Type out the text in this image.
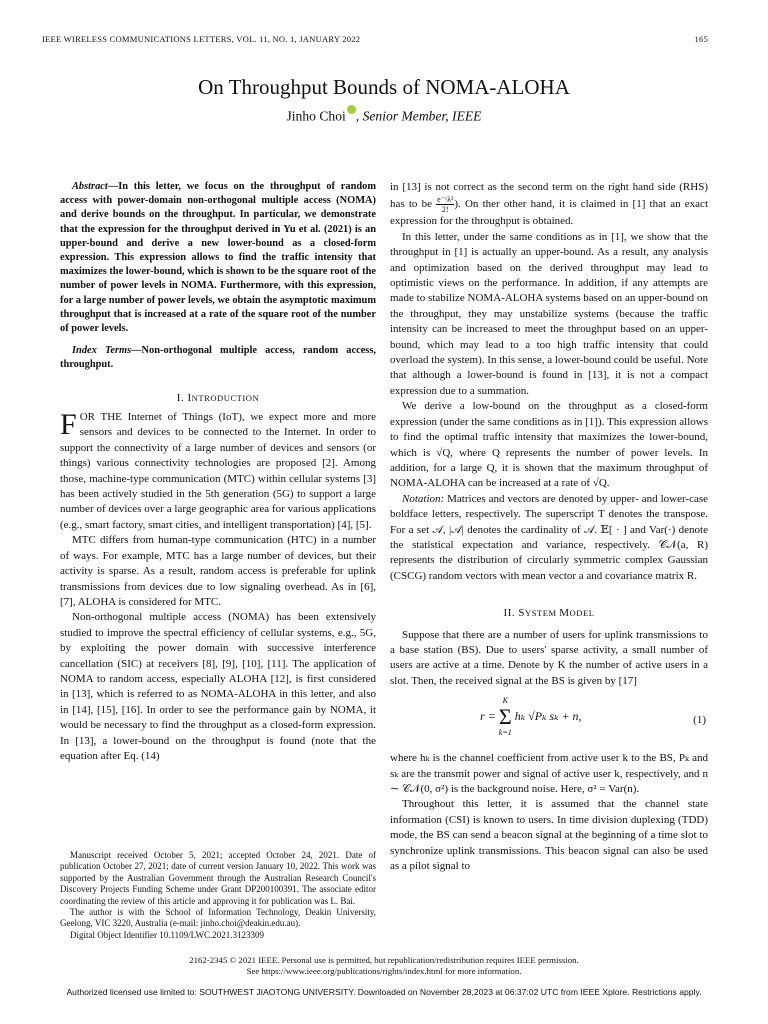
IEEE WIRELESS COMMUNICATIONS LETTERS, VOL. 11, NO. 1, JANUARY 2022	165
On Throughput Bounds of NOMA-ALOHA
Jinho Choi , Senior Member, IEEE

Abstract—In this letter, we focus on the throughput of random access with power-domain non-orthogonal multiple access (NOMA) and derive bounds on the throughput. In particular, we demonstrate that the expression for the throughput derived in Yu et al. (2021) is an upper-bound and derive a new lower-bound as a closed-form expression. This expression allows to find the traffic intensity that maximizes the lower-bound, which is shown to be the square root of the number of power levels in NOMA. Furthermore, with this expression, for a large number of power levels, we obtain the asymptotic maximum throughput that is increased at a rate of the square root of the number of power levels.

Index Terms—Non-orthogonal multiple access, random access, throughput.

I. INTRODUCTION

FOR THE Internet of Things (IoT), we expect more and more sensors and devices to be connected to the Internet. In order to support the connectivity of a large number of devices and sensors (or things) various connectivity technologies are proposed [2]. Among those, machine-type communication (MTC) within cellular systems [3] has been actively studied in the 5th generation (5G) to support a large number of devices over a large geographic area for various applications (e.g., smart factory, smart cities, and intelligent transportation) [4], [5].

MTC differs from human-type communication (HTC) in a number of ways. For example, MTC has a large number of devices, but their activity is sparse. As a result, random access is preferable for uplink transmissions from devices due to low signaling overhead. As in [6], [7], ALOHA is considered for MTC.

Non-orthogonal multiple access (NOMA) has been extensively studied to improve the spectral efficiency of cellular systems, e.g., 5G, by exploiting the power domain with successive interference cancellation (SIC) at receivers [8], [9], [10], [11]. The application of NOMA to random access, especially ALOHA [12], is first considered in [13], which is referred to as NOMA-ALOHA in this letter, and also in [14], [15], [16]. In order to see the performance gain by NOMA, it would be necessary to find the throughput as a closed-form expression. In [13], a lower-bound on the throughput is found (note that the equation after Eq. (14)

Manuscript received October 5, 2021; accepted October 24, 2021. Date of publication October 27, 2021; date of current version January 10, 2022. This work was supported by the Australian Government through the Australian Research Council's Discovery Projects Funding Scheme under Grant DP200100391. The associate editor coordinating the review of this article and approving it for publication was L. Bai.

The author is with the School of Information Technology, Deakin University, Geelong, VIC 3220, Australia (e-mail: jinho.choi@deakin.edu.au).

Digital Object Identifier 10.1109/LWC.2021.3123309

in [13] is not correct as the second term on the right hand side (RHS) has to be $\frac{\text{e⁻ᵞλ²}}{2!}$ ). On ther other hand, it is claimed in [1] that an exact expression for the throughput is obtained.

In this letter, under the same conditions as in [1], we show that the throughput in [1] is actually an upper-bound. As a result, any analysis and optimization based on the derived throughput may lead to optimistic views on the performance. In addition, if any attempts are made to stabilize NOMA-ALOHA systems based on an upper-bound on the throughput, they may unstabilize systems (because the traffic intensity can be increased to meet the throughput based on an upper-bound, which may lead to a too high traffic intensity that could overload the system). In this sense, a lower-bound could be useful. Note that although a lower-bound is found in [13], it is not a compact expression due to a summation.

We derive a low-bound on the throughput as a closed-form expression (under the same conditions as in [1]). This expression allows to find the optimal traffic intensity that maximizes the lower-bound, which is √Q, where Q represents the number of power levels. In addition, for a large Q, it is shown that the maximum throughput of NOMA-ALOHA can be increased at a rate of √Q.

Notation: Matrices and vectors are denoted by upper- and lower-case boldface letters, respectively. The superscript T denotes the transpose. For a set 𝒜, |𝒜| denotes the cardinality of 𝒜. 𝔼[ · ] and Var(·) denote the statistical expectation and variance, respectively. 𝒞𝒩(a, R) represents the distribution of circularly symmetric complex Gaussian (CSCG) random vectors with mean vector a and covariance matrix R.

II. SYSTEM MODEL

Suppose that there are a number of users for uplink transmissions to a base station (BS). Due to users' sparse activity, a small number of users are active at a time. Denote by K the number of active users in a slot. Then, the received signal at the BS is given by [17]

r =
K
Σ
k=1
hₖ √Pₖ sₖ + n,	(1)

where hₖ is the channel coefficient from active user k to the BS, Pₖ and sₖ are the transmit power and signal of active user k, respectively, and n ∼ 𝒞𝒩(0, σ²) is the background noise. Here, σ² = Var(n).

Throughout this letter, it is assumed that the channel state information (CSI) is known to users. In time division duplexing (TDD) mode, the BS can send a beacon signal at the beginning of a time slot to synchronize uplink transmissions. This beacon signal can also be used as a pilot signal to

2162-2345 © 2021 IEEE. Personal use is permitted, but republication/redistribution requires IEEE permission.
See https://www.ieee.org/publications/rights/index.html for more information.
Authorized licensed use limited to: SOUTHWEST JIAOTONG UNIVERSITY. Downloaded on November 28,2023 at 06:37:02 UTC from IEEE Xplore. Restrictions apply.
